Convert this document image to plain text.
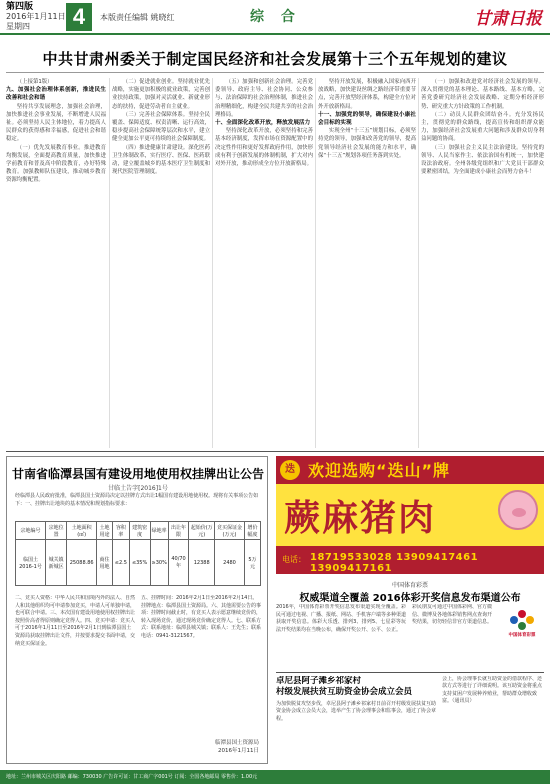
第四版
2016年1月11日
星期四	4	本版责任编辑 姚晓红	综 合	甘肃日报
中共甘肃州委关于制定国民经济和社会发展第十三个五年规划的建议

（上接第1版）

九、加强社会治理体系创新，推进民生改善和社会和谐

坚持共享发展理念，加强社会治理，加快推进社会事业发展，不断增进人民福祉。必须坚持人民主体地位，着力提高人民群众的获得感和幸福感，促进社会和谐稳定。

（一）优先发展教育事业。推进教育均衡发展，全面提高教育质量，加快推进学前教育和普及高中阶段教育，办好特殊教育。加强教师队伍建设，推动城乡教育资源均衡配置。

（二）促进就业创业。坚持就业优先战略，实施更加积极的就业政策，完善创业扶持政策，加强对灵活就业、新就业形态的扶持，促进劳动者自主就业。

（三）完善社会保障体系。坚持全民覆盖、保障适度、权责清晰、运行高效，稳步提高社会保障统筹层次和水平，建立健全更加公平更可持续的社会保障制度。

（四）推进健康甘肃建设。深化医药卫生体制改革，实行医疗、医保、医药联动，建立覆盖城乡的基本医疗卫生制度和现代医院管理制度。

（五）加强和创新社会治理。完善党委领导、政府主导、社会协同、公众参与、法治保障的社会治理体制，推进社会治理精细化，构建全民共建共享的社会治理格局。

十、全面深化改革开放，释放发展活力

坚持深化改革开放，必须坚持和完善基本经济制度，发挥市场在资源配置中的决定性作用和更好发挥政府作用，加快形成有利于创新发展的体制机制，扩大对内对外开放，推动形成全方位开放新格局。

坚持开放发展，积极融入国家向西开放战略，加快建设丝绸之路经济带重要节点，完善开放型经济体系，构建全方位对外开放新格局。

十一、加强党的领导，确保建设小康社会目标的实现

实现全州“十三五”规划目标，必须坚持党的领导，加强和改善党的领导，提高党领导经济社会发展的能力和水平，确保“十三五”规划各项任务落到实处。

（一）加强和改进党对经济社会发展的领导。深入贯彻党的基本理论、基本路线、基本方略，完善党委研究经济社会发展战略、定期分析经济形势、研究重大方针政策的工作机制。

（二）动员人民群众团结奋斗。充分发扬民主，贯彻党的群众路线，提高宣传和组织群众能力，加强经济社会发展重大问题和涉及群众切身利益问题的协商。

（三）加强社会主义民主法治建设。坚持党的领导、人民当家作主、依法治国有机统一，加快建设法治政府。全州各级党组织和广大党员干部群众要紧密团结，为全面建成小康社会而努力奋斗！

甘南省临潭县国有建设用地使用权挂牌出让公告
甘临土告字[2016]1号
经临潭县人民政府批准，临潭县国土资源局决定以挂牌方式出让1幅国有建设用地使用权。现将有关事项公告如下：一、挂牌出让地块的基本情况和规划指标要求：
宗地编号	宗地位置	土地面积(㎡)	土地用途	容积率	建筑密度	绿地率	出让年限	起始价(万元)	竞买保证金(万元)	增价幅度
临国土2016-1号	城关镇新城区	25088.86	商住用地	≤2.5	≤35%	≥30%	40/70年	12388	2480	5万元
二、竞买人资格：中华人民共和国境内外的法人、自然人和其他组织均可申请参加竞买，申请人可单独申请，也可联合申请。三、本次国有建设用地使用权挂牌出让按照价高者得原则确定竞得人。四、竞买申请：竞买人可于2016年1月11日至2016年2月1日到临潭县国土资源局获取挂牌出让文件，并按要求提交书面申请，交纳竞买保证金。
五、挂牌时间：2016年2月1日至2016年2月14日。挂牌地点：临潭县国土资源局。六、其他需要公告的事项：挂牌时间截止时，有竞买人表示愿意继续竞价的，转入现场竞价，通过现场竞价确定竞得人。七、联系方式：联系地址：临潭县城关镇；联系人：王先生；联系电话：0941-3121567。
临潭县国土资源局
2016年1月11日
迭 欢迎选购“迭山”牌
蕨麻猪肉
电话： 18719533028 13909417461 13909417161
中国体育彩票
权威渠道全覆盖 2016体彩开奖信息发布渠道公布
2016年，中国体育彩票开奖信息发布渠道实现全覆盖。彩民可通过电视、广播、报纸、网站、手机客户端等多种渠道获取开奖信息。体彩大乐透、排列3、排列5、七星彩等玩法开奖结果均在当晚公布，确保开奖公开、公平、公正。
彩民朋友可通过中国体彩网、官方微信、微博及各地体彩销售网点查询开奖结果，切勿轻信非官方渠道信息。
中国体育彩票
卓尼县阿子滩乡祁家村
村级发展扶贫互助资金协会成立会员
为加快脱贫攻坚步伐，卓尼县阿子滩乡祁家村日前召开村级发展扶贫互助资金协会成立会员大会，选举产生了协会理事会和监事会，通过了协会章程。
会上，协会理事长就互助资金的借款程序、还款方式等进行了详细说明。该互助资金将重点支持贫困户发展种养殖业，帮助群众增收致富。（通讯员）
地址：兰州市城关区庆阳路 邮编：730030 广告许可证：甘工商广字001号 订阅：全国各地邮局 零售价：1.00元
